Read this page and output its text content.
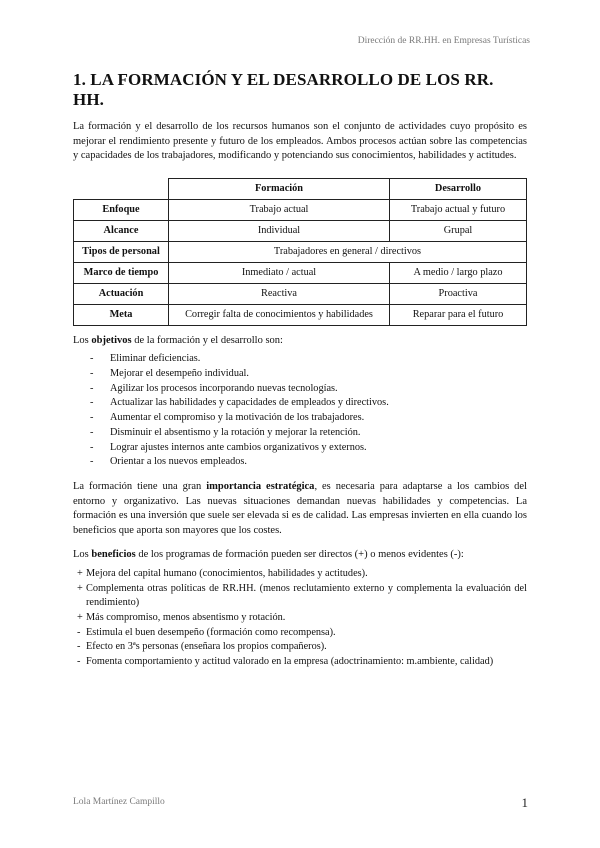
Dirección de RR.HH. en Empresas Turísticas
1. LA FORMACIÓN Y EL DESARROLLO DE LOS RR. HH.

La formación y el desarrollo de los recursos humanos son el conjunto de actividades cuyo propósito es mejorar el rendimiento presente y futuro de los empleados. Ambos procesos actúan sobre las competencias y capacidades de los trabajadores, modificando y potenciando sus conocimientos, habilidades y actitudes.

	Formación	Desarrollo
Enfoque	Trabajo actual	Trabajo actual y futuro
Alcance	Individual	Grupal
Tipos de personal	Trabajadores en general / directivos	
Marco de tiempo	Inmediato / actual	A medio / largo plazo
Actuación	Reactiva	Proactiva
Meta	Corregir falta de conocimientos y habilidades	Reparar para el futuro

Los objetivos de la formación y el desarrollo son:

- Eliminar deficiencias.
- Mejorar el desempeño individual.
- Agilizar los procesos incorporando nuevas tecnologías.
- Actualizar las habilidades y capacidades de empleados y directivos.
- Aumentar el compromiso y la motivación de los trabajadores.
- Disminuir el absentismo y la rotación y mejorar la retención.
- Lograr ajustes internos ante cambios organizativos y externos.
- Orientar a los nuevos empleados.

La formación tiene una gran importancia estratégica, es necesaria para adaptarse a los cambios del entorno y organizativo. Las nuevas situaciones demandan nuevas habilidades y competencias. La formación es una inversión que suele ser elevada si es de calidad. Las empresas invierten en ella cuando los beneficios que aporta son mayores que los costes.

Los beneficios de los programas de formación pueden ser directos (+) o menos evidentes (-):

+ Mejora del capital humano (conocimientos, habilidades y actitudes).
+ Complementa otras políticas de RR.HH. (menos reclutamiento externo y complementa la evaluación del rendimiento)
+ Más compromiso, menos absentismo y rotación.
- Estimula el buen desempeño (formación como recompensa).
- Efecto en 3ªs personas (enseñara los propios compañeros).
- Fomenta comportamiento y actitud valorado en la empresa (adoctrinamiento: m.ambiente, calidad)
Lola Martínez Campillo	1
